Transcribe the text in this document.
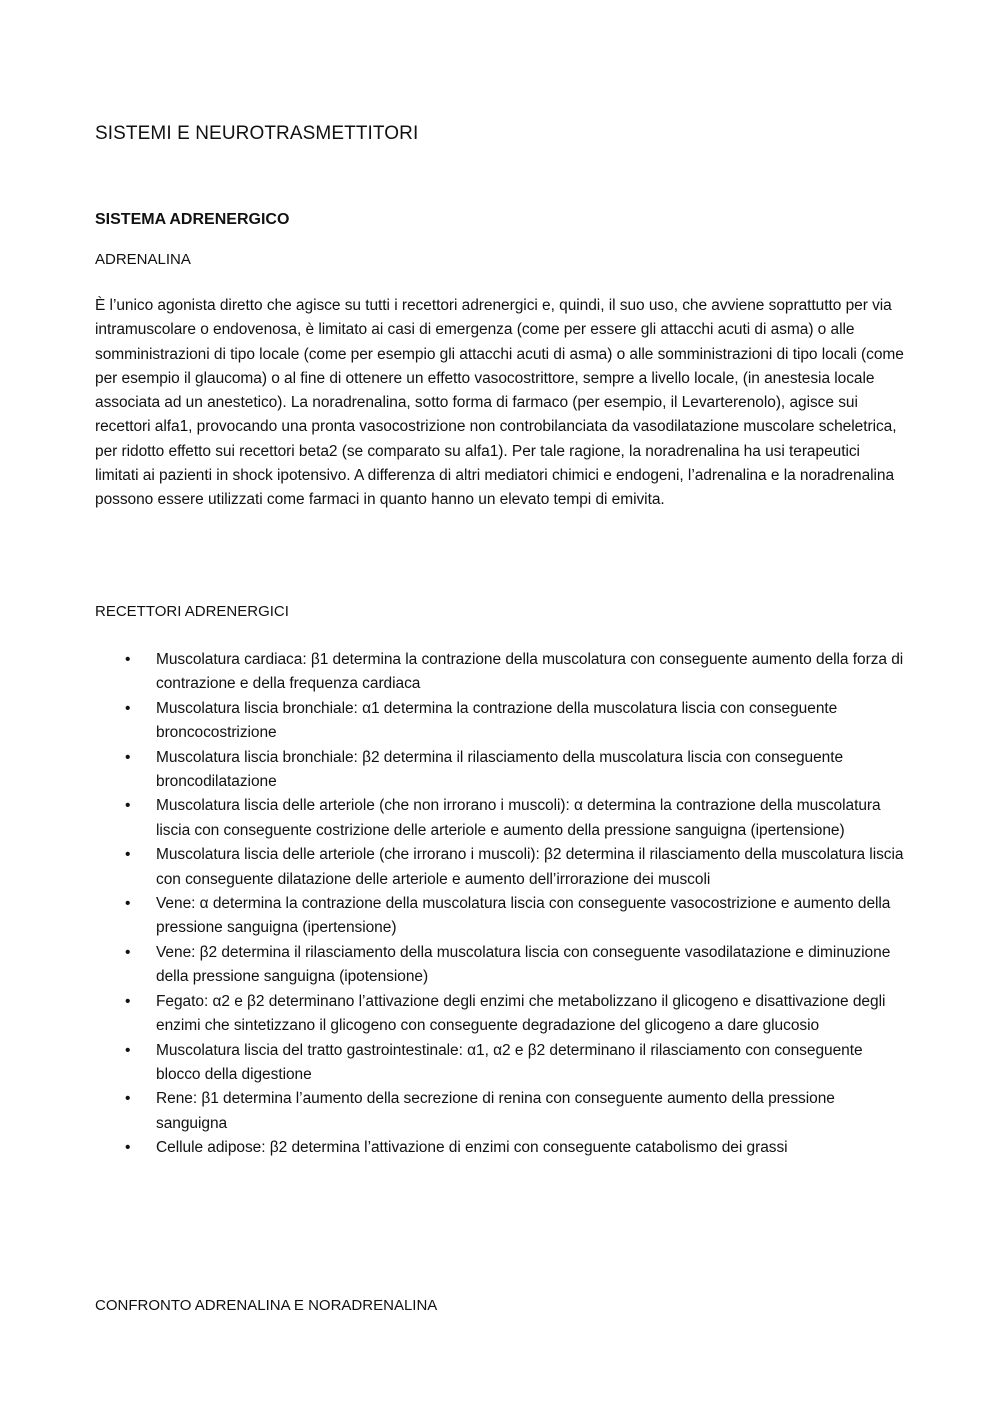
SISTEMI E NEUROTRASMETTITORI
SISTEMA ADRENERGICO
ADRENALINA

È l’unico agonista diretto che agisce su tutti i recettori adrenergici e, quindi, il suo uso, che avviene soprattutto per via intramuscolare o endovenosa, è limitato ai casi di emergenza (come per essere gli attacchi acuti di asma) o alle somministrazioni di tipo locale (come per esempio gli attacchi acuti di asma) o alle somministrazioni di tipo locali (come per esempio il glaucoma) o al fine di ottenere un effetto vasocostrittore, sempre a livello locale, (in anestesia locale associata ad un anestetico). La noradrenalina, sotto forma di farmaco (per esempio, il Levarterenolo), agisce sui recettori alfa1, provocando una pronta vasocostrizione non controbilanciata da vasodilatazione muscolare scheletrica, per ridotto effetto sui recettori beta2 (se comparato su alfa1). Per tale ragione, la noradrenalina ha usi terapeutici limitati ai pazienti in shock ipotensivo. A differenza di altri mediatori chimici e endogeni, l’adrenalina e la noradrenalina possono essere utilizzati come farmaci in quanto hanno un elevato tempi di emivita.

RECETTORI ADRENERGICI
• Muscolatura cardiaca: β1 determina la contrazione della muscolatura con conseguente aumento della forza di contrazione e della frequenza cardiaca
• Muscolatura liscia bronchiale: α1 determina la contrazione della muscolatura liscia con conseguente broncocostrizione
• Muscolatura liscia bronchiale: β2 determina il rilasciamento della muscolatura liscia con conseguente broncodilatazione
• Muscolatura liscia delle arteriole (che non irrorano i muscoli): α determina la contrazione della muscolatura liscia con conseguente costrizione delle arteriole e aumento della pressione sanguigna (ipertensione)
• Muscolatura liscia delle arteriole (che irrorano i muscoli): β2 determina il rilasciamento della muscolatura liscia con conseguente dilatazione delle arteriole e aumento dell’irrorazione dei muscoli
• Vene: α determina la contrazione della muscolatura liscia con conseguente vasocostrizione e aumento della pressione sanguigna (ipertensione)
• Vene: β2 determina il rilasciamento della muscolatura liscia con conseguente vasodilatazione e diminuzione della pressione sanguigna (ipotensione)
• Fegato: α2 e β2 determinano l’attivazione degli enzimi che metabolizzano il glicogeno e disattivazione degli enzimi che sintetizzano il glicogeno con conseguente degradazione del glicogeno a dare glucosio
• Muscolatura liscia del tratto gastrointestinale: α1, α2 e β2 determinano il rilasciamento con conseguente blocco della digestione
• Rene: β1 determina l’aumento della secrezione di renina con conseguente aumento della pressione sanguigna
• Cellule adipose: β2 determina l’attivazione di enzimi con conseguente catabolismo dei grassi
CONFRONTO ADRENALINA E NORADRENALINA
